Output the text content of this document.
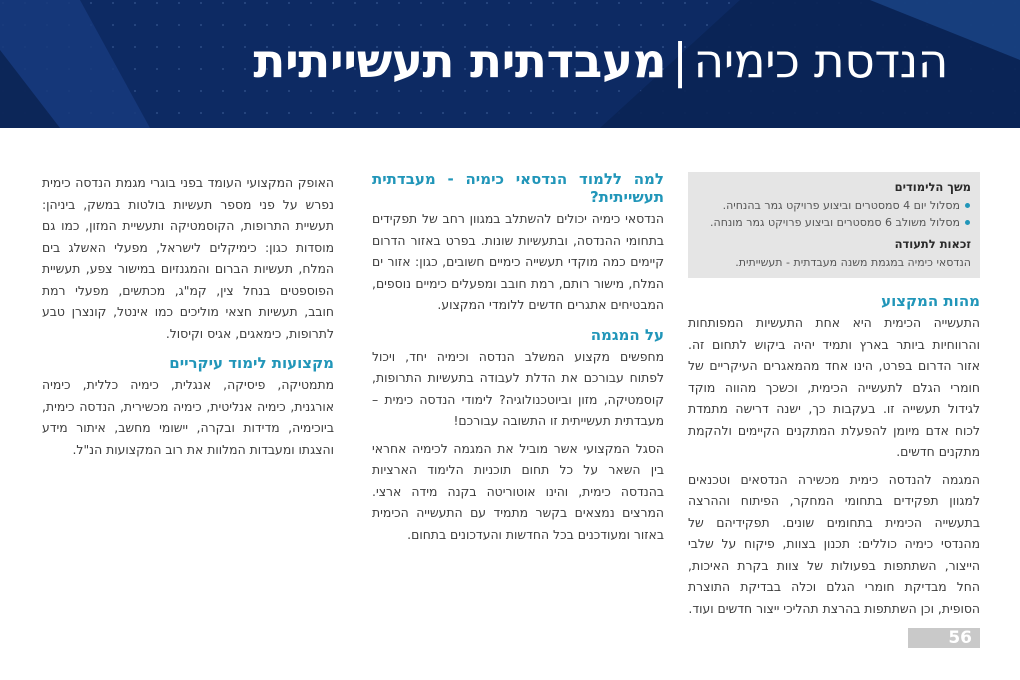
הנדסת כימיה|מעבדתית תעשייתית
משך הלימודים
מסלול יום 4 סמסטרים וביצוע פרויקט גמר בהנחיה.
מסלול משולב 6 סמסטרים וביצוע פרויקט גמר מונחה.
זכאות לתעודה

הנדסאי כימיה במגמת משנה מעבדתית - תעשייתית.

מהות המקצוע

התעשייה הכימית היא אחת התעשיות המפותחות והרווחיות ביותר בארץ ותמיד יהיה ביקוש לתחום זה. אזור הדרום בפרט, הינו אחד מהמאגרים העיקריים של חומרי הגלם לתעשייה הכימית, וכשכך מהווה מוקד לגידול תעשייה זו. בעקבות כך, ישנה דרישה מתמדת לכוח אדם מיומן להפעלת המתקנים הקיימים ולהקמת מתקנים חדשים.

המגמה להנדסה כימית מכשירה הנדסאים וטכנאים למגוון תפקידים בתחומי המחקר, הפיתוח וההרצה בתעשייה הכימית בתחומים שונים. תפקידיהם של מהנדסי כימיה כוללים: תכנון בצוות, פיקוח על שלבי הייצור, השתתפות בפעולות של צוות בקרת האיכות, החל מבדיקת חומרי הגלם וכלה בבדיקת התוצרת הסופית, וכן השתתפות בהרצת תהליכי ייצור חדשים ועוד.

למה ללמוד הנדסאי כימיה - מעבדתית תעשייתית?

הנדסאי כימיה יכולים להשתלב במגוון רחב של תפקידים בתחומי ההנדסה, ובתעשיות שונות. בפרט באזור הדרום קיימים כמה מוקדי תעשייה כימיים חשובים, כגון: אזור ים המלח, מישור רותם, רמת חובב ומפעלים כימיים נוספים, המבטיחים אתגרים חדשים ללומדי המקצוע.

על המגמה

מחפשים מקצוע המשלב הנדסה וכימיה יחד, ויכול לפתוח עבורכם את הדלת לעבודה בתעשיות התרופות, קוסמטיקה, מזון וביוטכנולוגיה? לימודי הנדסה כימית – מעבדתית תעשייתית זו התשובה עבורכם!

הסגל המקצועי אשר מוביל את המגמה לכימיה אחראי בין השאר על כל תחום תוכניות הלימוד הארציות בהנדסה כימית, והינו אוטוריטה בקנה מידה ארצי. המרצים נמצאים בקשר מתמיד עם התעשייה הכימית באזור ומעודכנים בכל החדשות והעדכונים בתחום.

האופק המקצועי העומד בפני בוגרי מגמת הנדסה כימית נפרש על פני מספר תעשיות בולטות במשק, ביניהן: תעשיית התרופות, הקוסמטיקה ותעשיית המזון, כמו גם מוסדות כגון: כימיקלים לישראל, מפעלי האשלג בים המלח, תעשיות הברום והמגנזיום במישור צפע, תעשיית הפוספטים בנחל צין, קמ"ג, מכתשים, מפעלי רמת חובב, תעשיות חצאי מוליכים כמו אינטל, קונצרן טבע לתרופות, כימאגים, אגיס וקיסול.

מקצועות לימוד עיקריים

מתמטיקה, פיסיקה, אנגלית, כימיה כללית, כימיה אורגנית, כימיה אנליטית, כימיה מכשירית, הנדסה כימית, ביוכימיה, מדידות ובקרה, יישומי מחשב, איתור מידע והצגתו ומעבדות המלוות את רוב המקצועות הנ"ל.

56
